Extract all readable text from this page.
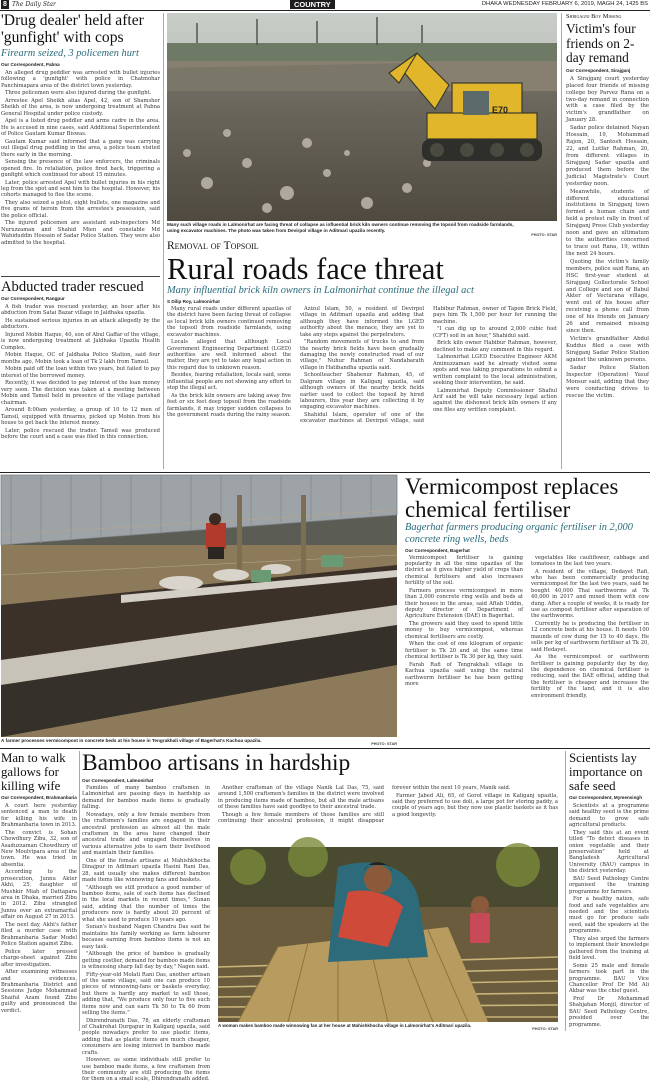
8 The Daily Star	COUNTRY	DHAKA WEDNESDAY FEBRUARY 6, 2019, MAGH 24, 1425 BS
'Drug dealer' held after 'gunfight' with cops
Firearm seized, 3 policemen hurt
Our Correspondent, Pabna

An alleged drug peddler was arrested with bullet injuries following a 'gunfight' with police in Chatmohar Panchimapara area of the district town yesterday.

Three policemen were also injured during the gunfight.

Arrestee Apel Sheikh alias Apel, 42, son of Shamsher Sheikh of the area, is now undergoing treatment at Pabna General Hospital under police custody.

Apel is a listed drug peddler and arms cadre in the area. He is accused in nine cases, said Additional Superintendent of Police Gautam Kumar Biswas.

Gautam Kumar said informed that a gang was carrying out illegal drug peddling in the area, a police team visited there early in the morning.

Sensing the presence of the law enforcers, the criminals opened fire. In retaliation, police fired back, triggering a gunfight which continued for about 15 minutes.

Later, police arrested Apel with bullet injuries in his right leg from the spot and sent him to the hospital. However, his cohorts managed to flee the scene.

They also seized a pistol, eight bullets, one magazine and five grams of heroin from the arrestee's possession, said the police official.

The injured policemen are assistant sub-inspectors Md Nuruzzaman and Shahid Mien and constable Md Wahiduddin Hossain of Sadar Police Station. They were also admitted to the hospital.

Abducted trader rescued
Our Correspondent, Rangpur

A fish trader was rescued yesterday, an hour after his abduction from Satai Bazar village in Jaldhaka upazila.

He sustained serious injuries in an attack allegedly by the abductors.

Injured Mobin Haque, 40, son of Abul Gaffar of the village, is now undergoing treatment at Jaldhaka Upazila Health Complex.

Mobin Haque, OC of Jaldhaka Police Station, said four months ago, Mobin took a loan of Tk 2 lakh from Tamsil.

Mobin paid off the loan within two years, but failed to pay interest of the borrowed money.

Recently, it was decided to pay interest of the loan money very soon. The decision was taken at a meeting between Mobin and Tamsil held in presence of the village parishad chairman.

Around 8:00am yesterday, a group of 10 to 12 men of Tamsil, equipped with firearms, picked up Mobin from his house to get back the interest money.

Later, police rescued the trader. Tamsil was produced before the court and a case was filed in this connection.

E70
Many such village roads in Lalmonirhat are facing threat of collapse as influential brick kiln owners continue removing the topsoil from roadside farmlands, using excavator machines. The photo was taken from Devirpol village in Aditmari upazila recently.
PHOTO: STAR
Removal of Topsoil
Rural roads face threat
Many influential brick kiln owners in Lalmonirhat continue the illegal act
S Dilip Roy, Lalmonirhat

Many rural roads under different upazilas of the district have been facing threat of collapse as local brick kiln owners continued removing the topsoil from roadside farmlands, using excavator machines.

Locals alleged that although Local Government Engineering Department (LGED) authorities are well informed about the matter, they are yet to take any legal action in this regard due to unknown reason.

Besides, fearing retaliation, locals said, some influential people are not showing any effort to stop the illegal act.

As the brick kiln owners are taking away five feet or six feet deep topsoil from the roadside farmlands, it may trigger sudden collapses to the government roads during the rainy season.

Azizul Islam, 50, a resident of Devirpol village in Aditmari upazila and adding that although they have informed the LGED authority about the menace, they are yet to take any steps against the perpetrators.

"Random movements of trucks to and from the nearby brick fields have been gradually damaging the newly constructed road of our village," Nuhur Rahman of Nandabarath village in Hatibandha upazila said.

Schoolteacher Shahenur Rahman, 45, of Dalgram village in Kaliganj upazila, said although owners of the nearby brick fields earlier used to collect the topsoil by hired labourers, this year they are collecting it by engaging excavator machines.

Shahidul Islam, operator of one of the excavator machines at Devirpol village, said Habibur Rahman, owner of Tapon Brick Field, pays him Tk 1,500 per hour for running the machine.

"I can dig up to around 2,000 cubic feet (CFT) soil in an hour," Shahidul said.

Brick kiln owner Habibur Rahman, however, declined to make any comment in this regard.

Lalmonirhat LGED Executive Engineer AKM Aminuzzaman said he already visited some spots and was taking preparations to submit a written complaint to the local administration, seeking their intervention, he said.

Lalmonirhat Deputy Commissioner Shafiul Arif said he will take necessary legal action against the dishonest brick kiln owners if any one files any written complaint.

Shrigagnj Boy Missing
Victim's four friends on 2-day remand
Our Correspondent, Sirajganj

A Sirajganj court yesterday placed four friends of missing college boy Parvez Rana on a two-day remand in connection with a case filed by the victim's grandfather on January 28.

Sadar police detained Nayan Hossain, 19, Mohammad Rajon, 20, Santosh Hossain, 22, and Lutfar Rahman, 20, from different villages in Sirajganj Sadar upazila and produced them before the Judicial Magistrate's Court yesterday noon.

Meanwhile, students of different educational institutions in Sirajganj town formed a human chain and held a protest rally in front of Sirajganj Press Club yesterday noon and gave an ultimatum to the authorities concerned to trace out Rana, 19, within the next 24 hours.

Quoting the victim's family members, police said Rana, an HSC first-year student at Sirajganj Collectorate School and College and son of Babul Akter of Vecturana village, went out of his house after receiving a phone call from one of his friends on January 26 and remained missing since then.

Victim's grandfather Abdul Kuddus filed a case with Sirajganj Sadar Police Station against the unknown persons.

Sadar Police Station Inspector (Operation) Yusuf Monsur said, adding that they were conducting drives to rescue the victim.

A farmer processes vermicompost in concrete beds at his house in Tengrakhali village of Bagerhat's Kachua upazila.
PHOTO: STAR
Vermicompost replaces chemical fertiliser
Bagerhat farmers producing organic fertiliser in 2,000 concrete ring wells, beds
Our Correspondent, Bagerhat

Vermicompost fertiliser is gaining popularity in all the nine upazilas of the district as it gives higher yield of crops than chemical fertilisers and also increases fertility of the soil.

Farmers process vermicompost in more than 2,000 concrete ring wells and beds at their houses in the areas, said Aftab Uddin, deputy director of Department of Agriculture Extension (DAE) in Bagerhat.

The growers said they used to spend little money to buy vermicompost, whereas chemical fertilisers are costly.

When the cost of one kilogram of organic fertiliser is Tk 20 and at the same time chemical fertiliser is Tk 30 per kg, they said.

Farah Rafi of Tengrakhali village in Kachua upazila said using the natural earthworm fertiliser he has been getting more

vegetables like cauliflower, cabbage and tomatoes in the last two years.

A resident of the village, Dedayet Rafi, who has been commercially producing vermicompost for the last two years, said he bought 40,000 Thai earthworms at Tk 40,000 in 2017 and mixed them with cow dung. After a couple of weeks, it is ready for use as compost fertiliser after separation of the earthworms.

Currently he is producing the fertiliser in 12 concrete beds at his house. It needs 100 maunds of cow dung for 15 to 40 days. He sells per kg of earthworm fertiliser at Tk 20, said Hedayet.

As the vermicompost or earthworm fertiliser is gaining popularity day by day, the dependence on chemical fertiliser is reducing, said the DAE official, adding that the fertiliser is cheaper and increases the fertility of the land, and it is also environment friendly.

Man to walk gallows for killing wife
Our Correspondent, Brahmanbaria

A court here yesterday sentenced a man to death for killing his wife in Brahmanbaria town in 2013.

The convict is Sohan Chowdhury Zibu, 32, son of Asaduzzaman Chowdhury of New Moulvipara area of the town. He was tried in absentia.

According to the prosecution, Junnu Akter Akhi, 25, daughter of Mushkir Miah of Dattapara area in Dhaka, married Zibu in 2012. Zibu strangled Junnu over an extramarital affair on August 27 in 2013.

The next day, Akhi's father filed a murder case with Brahmanbaria Sadar Model Police Station against Zibu.

Police later pressed charge-sheet against Zibu after investigation.

After examining witnesses and evidences, Brahmanbaria District and Sessions Judge Mohammad Shaiful Azam found Zibu guilty and pronounced the verdict.

Bamboo artisans in hardship
Our Correspondent, Lalmonirhat

Families of many bamboo craftsmen in Lalmonirhat are passing days in hardship as demand for bamboo made items is gradually falling.

Nowadays, only a few female members from the craftsmen's families are engaged in their ancestral profession as almost all the male craftsmen in the area have changed their ancestral trade and engaged themselves in various alternative jobs to earn their livelihood and maintain their families.

One of the female artisans at Mahishkhocha Dinajpur in Aditmari upazila Hasini Rani Das, 28, said usually she makes different bamboo made items like winnowing fans and baskets.

"Although we still produce a good number of bamboo items, sale of such items has declined in the local markets in recent times," Sunan said, adding that the number of times the producers now is hardly about 20 percent of what she used to produce 10 years ago.

Sunan's husband Nagen Chandra Das said he maintains his family working as farm labourer because earning from bamboo items is not an easy task.

"Although the price of bamboo is gradually getting costlier, demand for bamboo made items is witnessing sharp fall day by day," Nagen said.

Fifty-year-old Molati Rani Das, another artisan of the same village, said one can produce 10 pieces of winnowing-fans or baskets everyday, but there is hardly any market to sell those, adding that, "We produce only four to five such items now and can earn Tk 50 to Tk 60 from selling the items."

Dhirendranath Das, 78, an elderly craftsman of Chakrohat Durgapur in Kaliganj upazila, said people nowadays prefer to use plastic items, adding that as plastic items are much cheaper, consumers are losing interest in bamboo made crafts.

However, as some individuals still prefer to use bamboo made items, a few craftsmen from their community are still producing the items for them on a small scale, Dhirendranath added.

Another craftsman of the village Nanik Lal Das, 75, said around 1,500 craftsmen's families in the district were involved in producing items made of bamboo, but all the male artisans of these families have said goodbye to their ancestral trade.

Though a few female members of those families are still continuing their ancestral profession, it might disappear forever within the next 10 years, Manik said.

Farmer Jabed Ali, 65, of Gorol village in Kaliganj upazila, said they preferred to use doli, a large pot for storing paddy, a couple of years ago, but they now use plastic baskets as it has a good longevity.

A woman makes bamboo made winnowing fan at her house at Mahishkhocha village in Lalmonirhat's Aditmari upazila.
PHOTO: STAR
Scientists lay importance on safe seed
Our Correspondent, Mymensingh

Scientists at a programme said healthy seed is the prime demand to grow safe agricultural products.

They said this at an event titled "To detect diseases in onion vegetable and their preservation" held at Bangladesh Agricultural University (BAU) campus in the district yesterday.

BAU Seed Pathology Centre organised the training programme for farmers.

For a healthy nation, safe food and safe vegetables are needed and the scientists must go for produce safe seed, said the speakers at the programme.

They also urged the farmers to implement their knowledge gathered from the training at field level.

Some 25 male and female farmers took part in the programme. BAU Vice Chancellor Prof Dr Md Ali Akbar was the chief guest.

Prof Dr Mohammad Shahjahan Monjil, director of BAU Seed Pathology Centre, presided over the programme.
